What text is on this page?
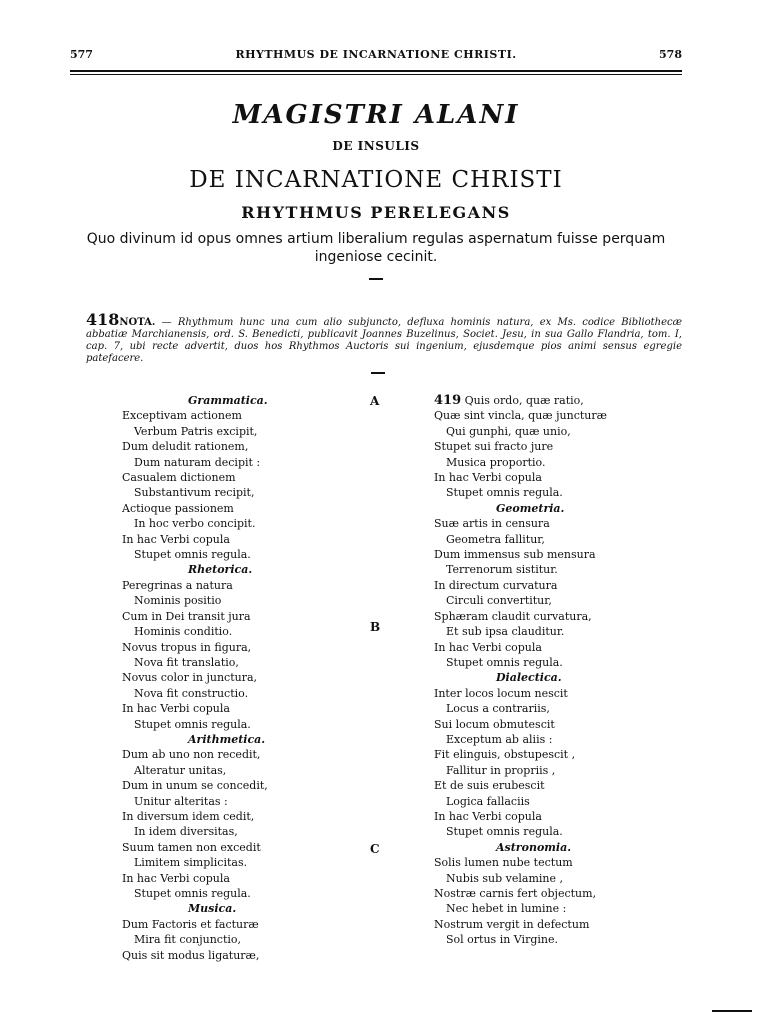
577	RHYTHMUS DE INCARNATIONE CHRISTI.	578
MAGISTRI ALANI
DE INSULIS
DE INCARNATIONE CHRISTI
RHYTHMUS PERELEGANS
Quo divinum id opus omnes artium liberalium regulas aspernatum fuisse perquam ingeniose cecinit.
418NOTA. — Rhythmum hunc una cum alio subjuncto, defluxa hominis natura, ex Ms. codice Bibliothecæ abbatiæ Marchianensis, ord. S. Benedicti, publicavit Joannes Buzelinus, Societ. Jesu, in sua Gallo Flandria, tom. I, cap. 7, ubi recte advertit, duos hos Rhythmos Auctoris sui ingenium, ejusdemque pios animi sensus egregie patefacere.
A
B
C
Grammatica.
Exceptivam actionem
Verbum Patris excipit,
Dum deludit rationem,
Dum naturam decipit :
Casualem dictionem
Substantivum recipit,
Actioque passionem
In hoc verbo concipit.
In hac Verbi copula
Stupet omnis regula.
Rhetorica.
Peregrinas a natura
Nominis positio
Cum in Dei transit jura
Hominis conditio.
Novus tropus in figura,
Nova fit translatio,
Novus color in junctura,
Nova fit constructio.
In hac Verbi copula
Stupet omnis regula.
Arithmetica.
Dum ab uno non recedit,
Alteratur unitas,
Dum in unum se concedit,
Unitur alteritas :
In diversum idem cedit,
In idem diversitas,
Suum tamen non excedit
Limitem simplicitas.
In hac Verbi copula
Stupet omnis regula.
Musica.
Dum Factoris et facturæ
Mira fit conjunctio,
Quis sit modus ligaturæ,
419 Quis ordo, quæ ratio,
Quæ sint vincla, quæ juncturæ
Qui gunphi, quæ unio,
Stupet sui fracto jure
Musica proportio.
In hac Verbi copula
Stupet omnis regula.
Geometria.
Suæ artis in censura
Geometra fallitur,
Dum immensus sub mensura
Terrenorum sistitur.
In directum curvatura
Circuli convertitur,
Sphæram claudit curvatura,
Et sub ipsa clauditur.
In hac Verbi copula
Stupet omnis regula.
Dialectica.
Inter locos locum nescit
Locus a contrariis,
Sui locum obmutescit
Exceptum ab aliis :
Fit elinguis, obstupescit ,
Fallitur in propriis ,
Et de suis erubescit
Logica fallaciis
In hac Verbi copula
Stupet omnis regula.
Astronomia.
Solis lumen nube tectum
Nubis sub velamine ,
Nostræ carnis fert objectum,
Nec hebet in lumine :
Nostrum vergit in defectum
Sol ortus in Virgine.
